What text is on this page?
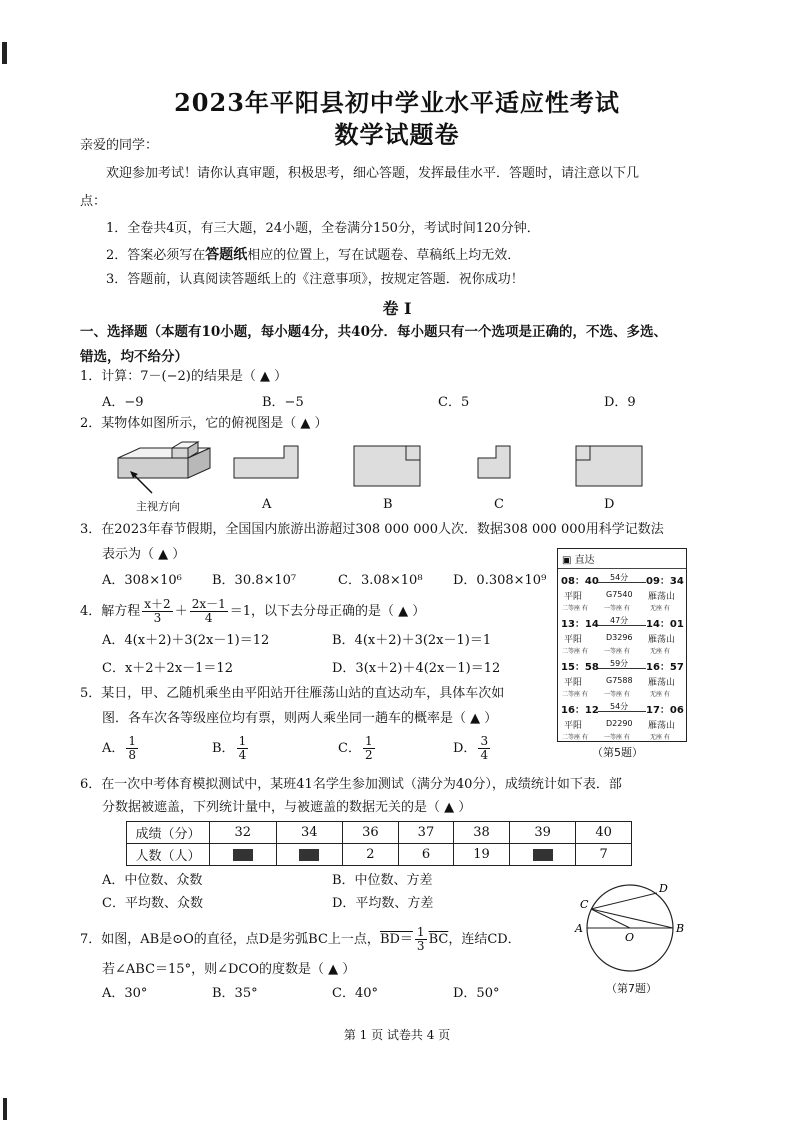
2023年平阳县初中学业水平适应性考试
数学试题卷
亲爱的同学：
欢迎参加考试！请你认真审题，积极思考，细心答题，发挥最佳水平．答题时，请注意以下几
点：
1．全卷共4页，有三大题，24小题，全卷满分150分，考试时间120分钟．
2．答案必须写在答题纸相应的位置上，写在试题卷、草稿纸上均无效．
3．答题前，认真阅读答题纸上的《注意事项》，按规定答题．祝你成功！
卷 I
一、选择题（本题有10小题，每小题4分，共40分．每小题只有一个选项是正确的，不选、多选、
错选，均不给分）
1．计算：7－(−2)的结果是（ ▲ ）
A．−9	B．−5	C．5	D．9
2．某物体如图所示，它的俯视图是（ ▲ ）
主视方向	A	B	C	D
3．在2023年春节假期，全国国内旅游出游超过308 000 000人次．数据308 000 000用科学记数法
表示为（ ▲ ）
A．308×10⁶ B．30.8×10⁷	C．3.08×10⁸ D．0.308×10⁹
4．解方程 $\frac{x+2}{3} + \frac{2x-1}{4} =1$，以下去分母正确的是（ ▲ ）
A．4(x＋2)＋3(2x－1)＝12	B．4(x＋2)＋3(2x－1)＝1
C．x＋2＋2x－1＝12	D．3(x＋2)＋4(2x－1)＝12
5．某日，甲、乙随机乘坐由平阳站开往雁荡山站的直达动车，具体车次如
图．各车次各等级座位均有票，则两人乘坐同一趟车的概率是（ ▲ ）
A． $\frac{1}{8}$	B． $\frac{1}{4}$	C． $\frac{1}{2}$	D． $\frac{3}{4}$
▣ 直达
08：40 54分 09：34
平阳	G7540 雁荡山
二等座 有	一等座 有	无座 有
13：14 47分 14：01
平阳	D3296 雁荡山
二等座 有	一等座 有	无座 有
15：58 59分 16：57
平阳	G7588 雁荡山
二等座 有	一等座 有	无座 有
16：12 54分 17：06
平阳	D2290 雁荡山
二等座 有	一等座 有	无座 有
（第5题）
6．在一次中考体育模拟测试中，某班41名学生参加测试（满分为40分），成绩统计如下表．部
分数据被遮盖，下列统计量中，与被遮盖的数据无关的是（ ▲ ）
成绩（分）	32	34	36	37	38	39	40
人数（人）			2	6	19		7
A．中位数、众数	B．中位数、方差
C．平均数、众数	D．平均数、方差
7．如图，AB是⊙O的直径，点D是劣弧BC上一点，$BD= \frac{1}{3} \overline{BC}$，连结CD．
若∠ABC＝15°，则∠DCO的度数是（ ▲ ）
A．30°	B．35°	C．40°	D．50°
A	B
C
D
O
（第7题）
第 1 页 试卷共 4 页
